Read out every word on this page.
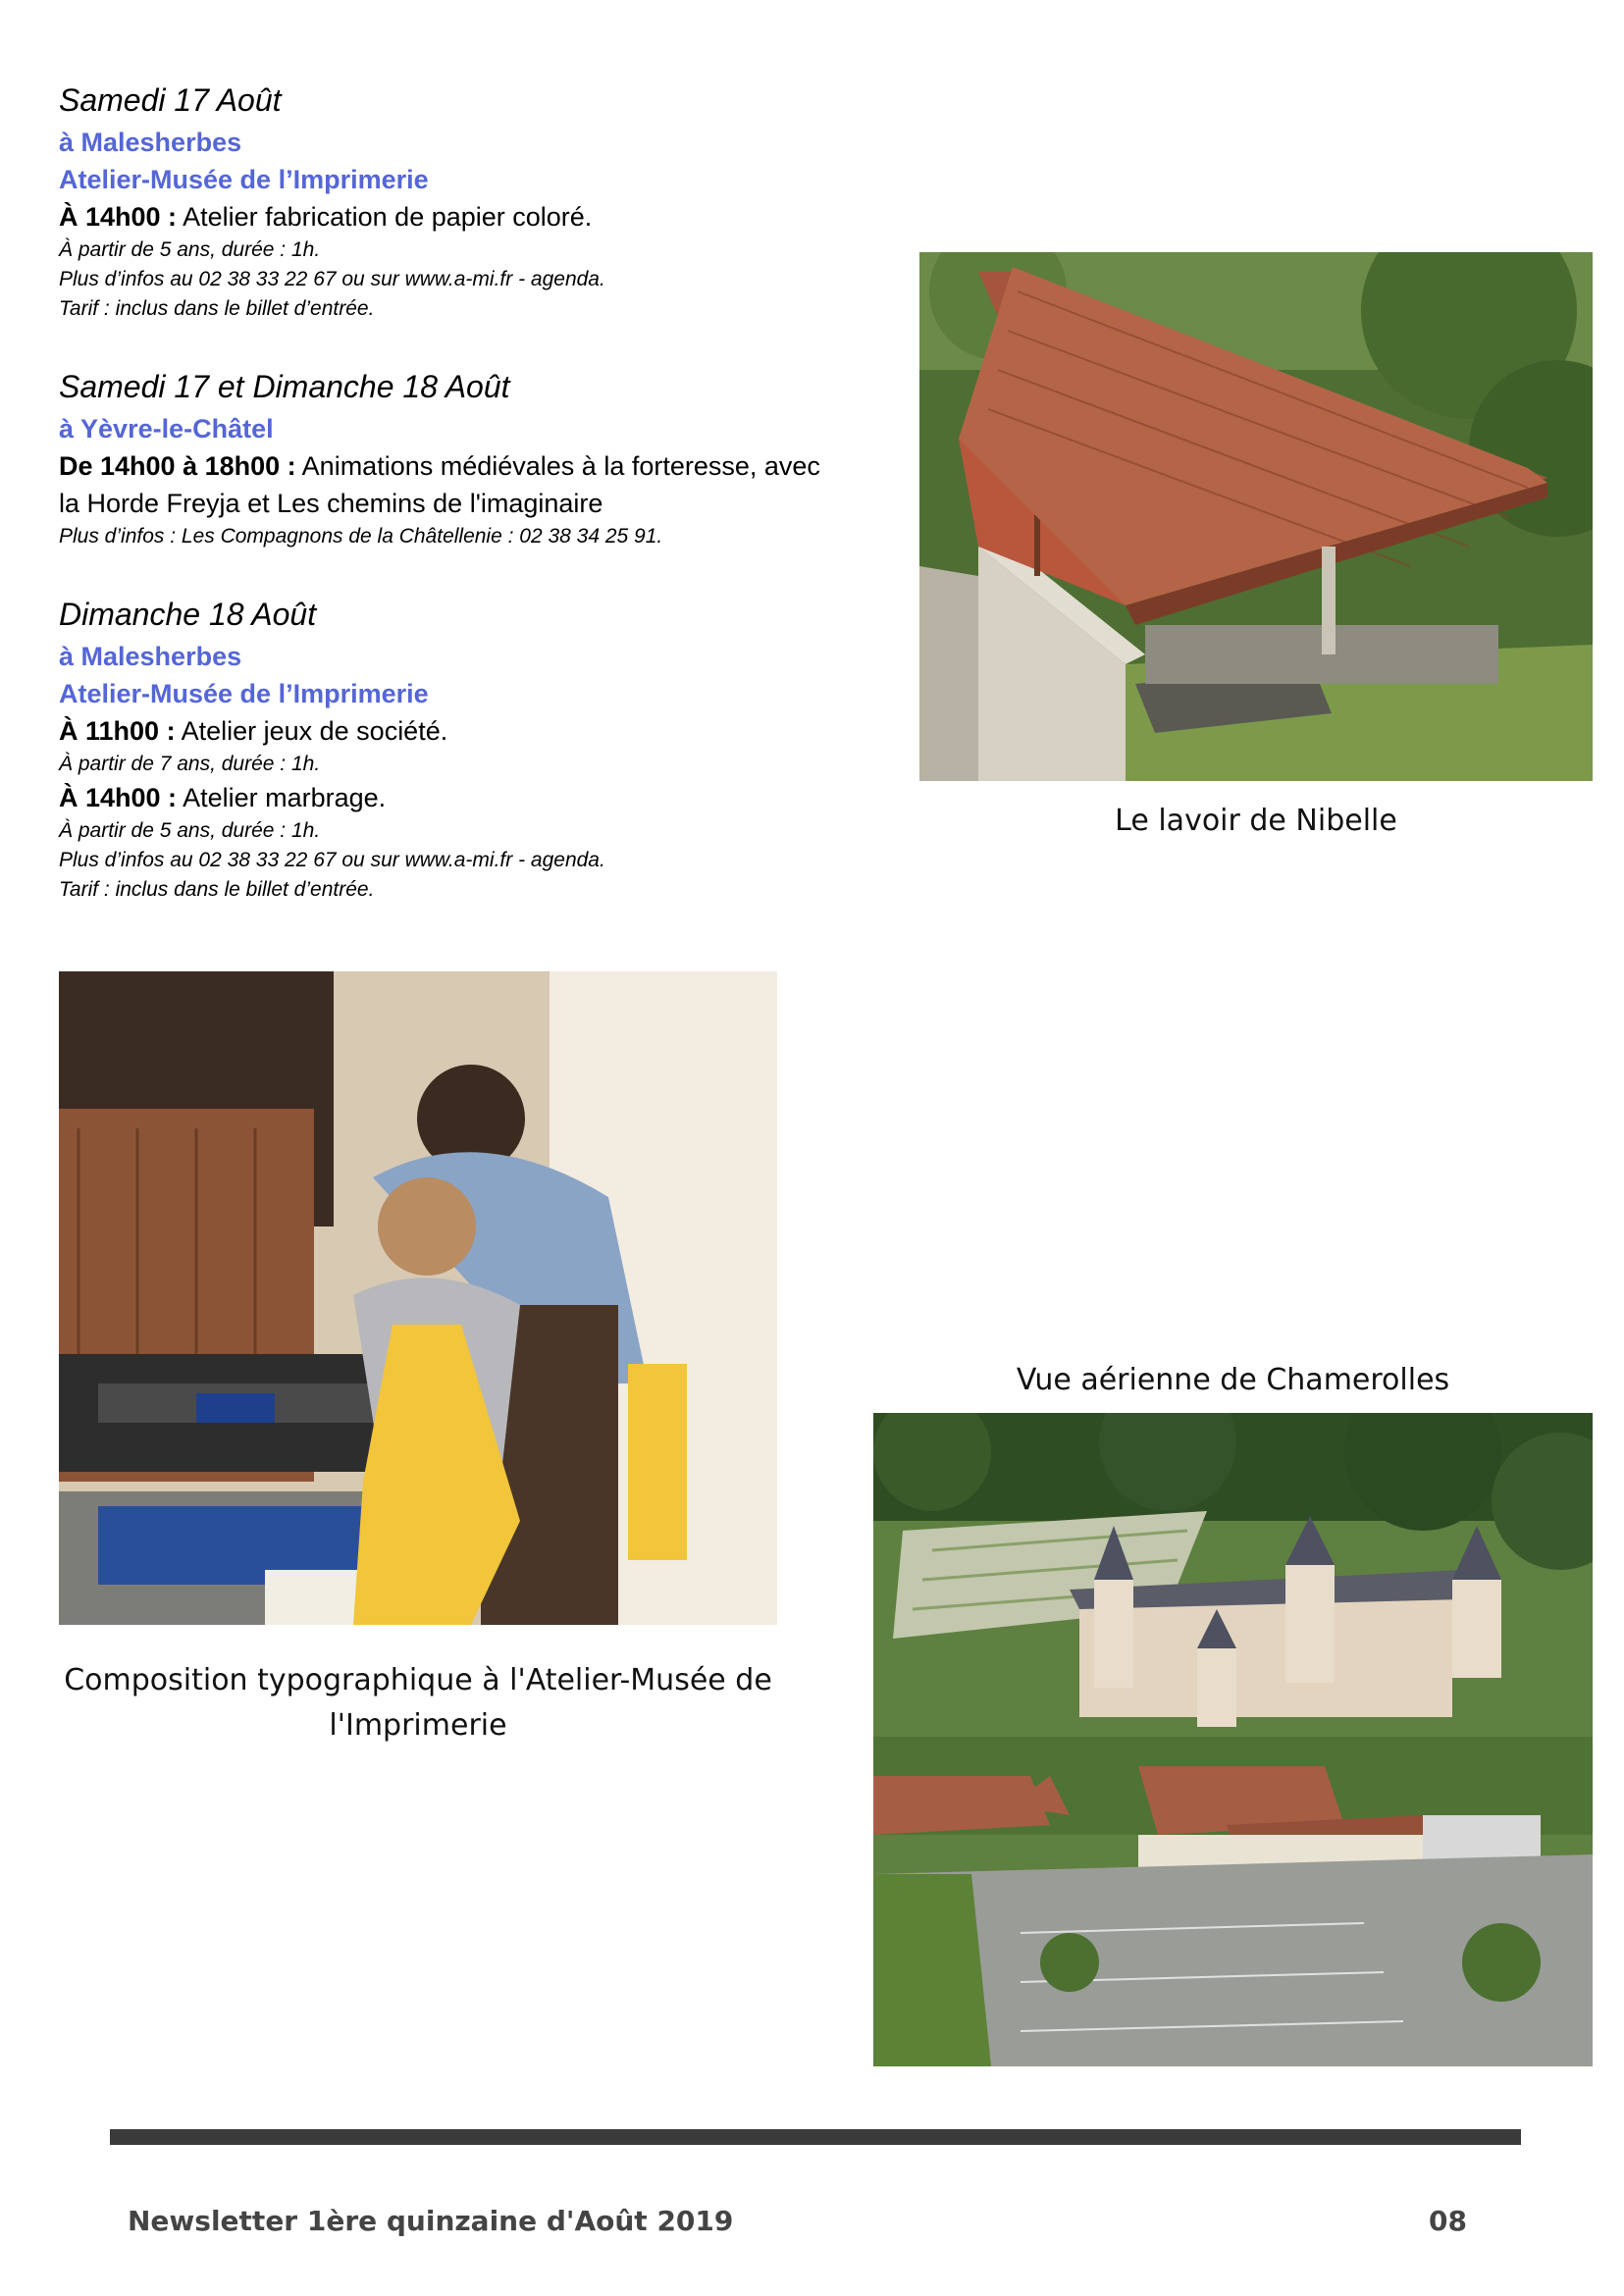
Samedi 17 Août
à Malesherbes
Atelier-Musée de l’Imprimerie
À 14h00 : Atelier fabrication de papier coloré.
À partir de 5 ans, durée : 1h.
Plus d’infos au 02 38 33 22 67 ou sur www.a-mi.fr - agenda.
Tarif : inclus dans le billet d’entrée.
Samedi 17 et Dimanche 18 Août
à Yèvre-le-Châtel
De 14h00 à 18h00 : Animations médiévales à la forteresse, avec
la Horde Freyja et Les chemins de l'imaginaire
Plus d’infos : Les Compagnons de la Châtellenie : 02 38 34 25 91.
Dimanche 18 Août
à Malesherbes
Atelier-Musée de l’Imprimerie
À 11h00 : Atelier jeux de société.
À partir de 7 ans, durée : 1h.
À 14h00 : Atelier marbrage.
À partir de 5 ans, durée : 1h.
Plus d’infos au 02 38 33 22 67 ou sur www.a-mi.fr - agenda.
Tarif : inclus dans le billet d’entrée.
Le lavoir de Nibelle
Composition typographique à l'Atelier-Musée de
l'Imprimerie
Vue aérienne de Chamerolles
Newsletter 1ère quinzaine d'Août 2019	08
